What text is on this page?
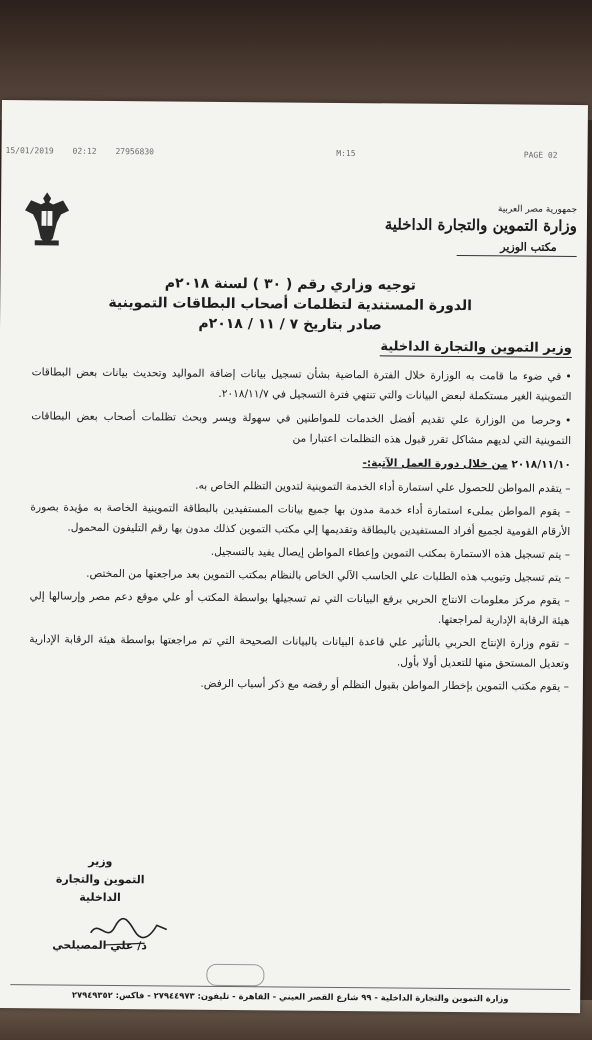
15/01/2019 02:12 27956830	M:15	PAGE 02
جمهورية مصر العربية
وزارة التموين والتجارة الداخلية
مكتب الوزير
توجيه وزاري رقم ( ٣٠ ) لسنة ٢٠١٨م
الدورة المستندية لتظلمات أصحاب البطاقات التموينية
صادر بتاريخ ٧ / ١١ / ٢٠١٨م
وزير التموين والتجارة الداخلية

• في ضوء ما قامت به الوزارة خلال الفترة الماضية بشأن تسجيل بيانات إضافة المواليد وتحديث بيانات بعض البطاقات التموينية الغير مستكملة لبعض البيانات والتي تنتهي فترة التسجيل في ٢٠١٨/١١/٧.

• وحرصا من الوزارة علي تقديم أفضل الخدمات للمواطنين في سهولة ويسر وبحث تظلمات أصحاب بعض البطاقات التموينية التي لديهم مشاكل تقرر قبول هذه التظلمات اعتبارا من

٢٠١٨/١١/١٠ من خلال دورة العمل الآتية:-

– يتقدم المواطن للحصول علي استمارة أداء الخدمة التموينية لتدوين التظلم الخاص به.
– يقوم المواطن بملىء استمارة أداء خدمة مدون بها جميع بيانات المستفيدين بالبطاقة التموينية الخاصة به مؤيدة بصورة الأرقام القومية لجميع أفراد المستفيدين بالبطاقة وتقديمها إلي مكتب التموين كذلك مدون بها رقم التليفون المحمول.
– يتم تسجيل هذه الاستمارة بمكتب التموين وإعطاء المواطن إيصال يفيد بالتسجيل.
– يتم تسجيل وتبويب هذه الطلبات علي الحاسب الآلي الخاص بالنظام بمكتب التموين بعد مراجعتها من المختص.
– يقوم مركز معلومات الانتاج الحربي برفع البيانات التي تم تسجيلها بواسطة المكتب أو علي موقع دعم مصر وإرسالها إلي هيئة الرقابة الإدارية لمراجعتها.
– تقوم وزارة الإنتاج الحربي بالتأثير علي قاعدة البيانات بالبيانات الصحيحة التي تم مراجعتها بواسطة هيئة الرقابة الإدارية وتعديل المستحق منها للتعديل أولا بأول.
– يقوم مكتب التموين بإخطار المواطن بقبول التظلم أو رفضه مع ذكر أسباب الرفض.
وزير
التموين والتجارة الداخلية
د/ علي المصيلحي
وزارة التموين والتجارة الداخلية - ٩٩ شارع القصر العيني - القاهرة - تليفون: ٢٧٩٤٤٩٧٣ - فاكس: ٢٧٩٤٩٣٥٢
